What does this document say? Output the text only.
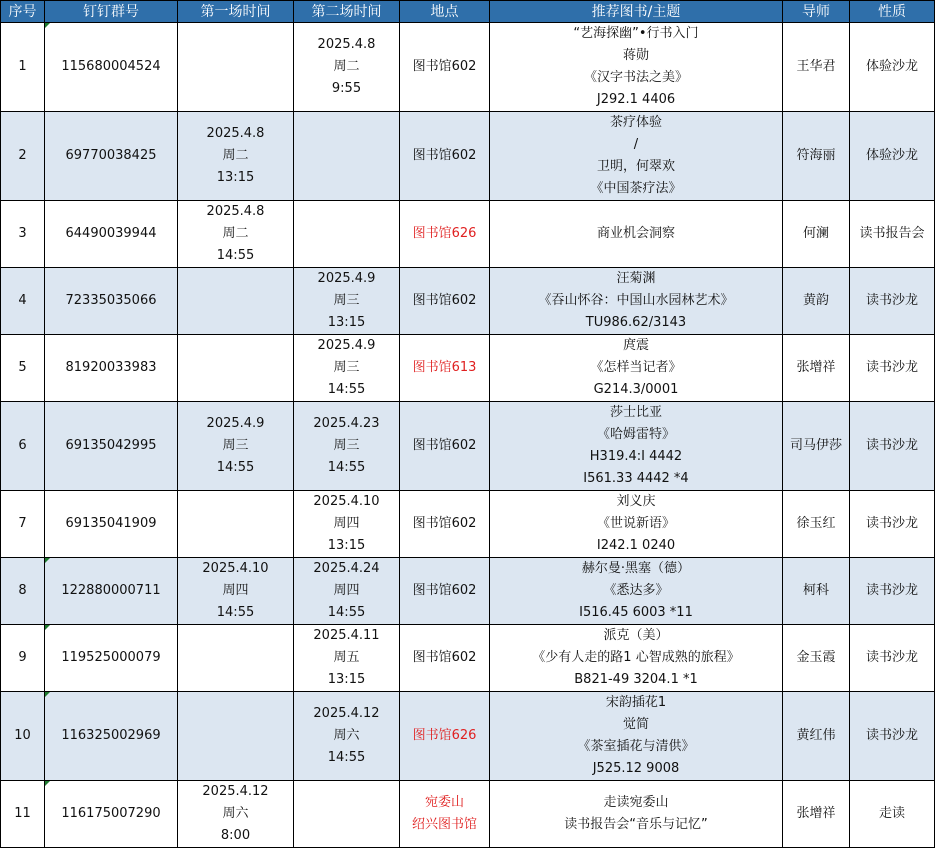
序号	钉钉群号	第一场时间	第二场时间	地点	推荐图书/主题	导师	性质
1	115680004524		2025.4.8
周二
9:55	图书馆602	“艺海探幽”•行书入门
蒋勋
《汉字书法之美》
J292.1 4406	王华君	体验沙龙
2	69770038425	2025.4.8
周二
13:15		图书馆602	茶疗体验
/
卫明，何翠欢
《中国茶疗法》	符海丽	体验沙龙
3	64490039944	2025.4.8
周二
14:55		图书馆626	商业机会洞察	何澜	读书报告会
4	72335035066		2025.4.9
周三
13:15	图书馆602	汪菊渊
《吞山怀谷：中国山水园林艺术》
TU986.62/3143	黄韵	读书沙龙
5	81920033983		2025.4.9
周三
14:55	图书馆613	庹震
《怎样当记者》
G214.3/0001	张增祥	读书沙龙
6	69135042995	2025.4.9
周三
14:55	2025.4.23
周三
14:55	图书馆602	莎士比亚
《哈姆雷特》
H319.4:I 4442
I561.33 4442 *4	司马伊莎	读书沙龙
7	69135041909		2025.4.10
周四
13:15	图书馆602	刘义庆
《世说新语》
I242.1 0240	徐玉红	读书沙龙
8	122880000711	2025.4.10
周四
14:55	2025.4.24
周四
14:55	图书馆602	赫尔曼·黑塞（德）
《悉达多》
I516.45 6003 *11	柯科	读书沙龙
9	119525000079		2025.4.11
周五
13:15	图书馆602	派克（美）
《少有人走的路1 心智成熟的旅程》
B821-49 3204.1 *1	金玉霞	读书沙龙
10	116325002969		2025.4.12
周六
14:55	图书馆626	宋韵插花1
觉简
《茶室插花与清供》
J525.12 9008	黄红伟	读书沙龙
11	116175007290	2025.4.12
周六
8:00		宛委山
绍兴图书馆	走读宛委山
读书报告会“音乐与记忆”	张增祥	走读
